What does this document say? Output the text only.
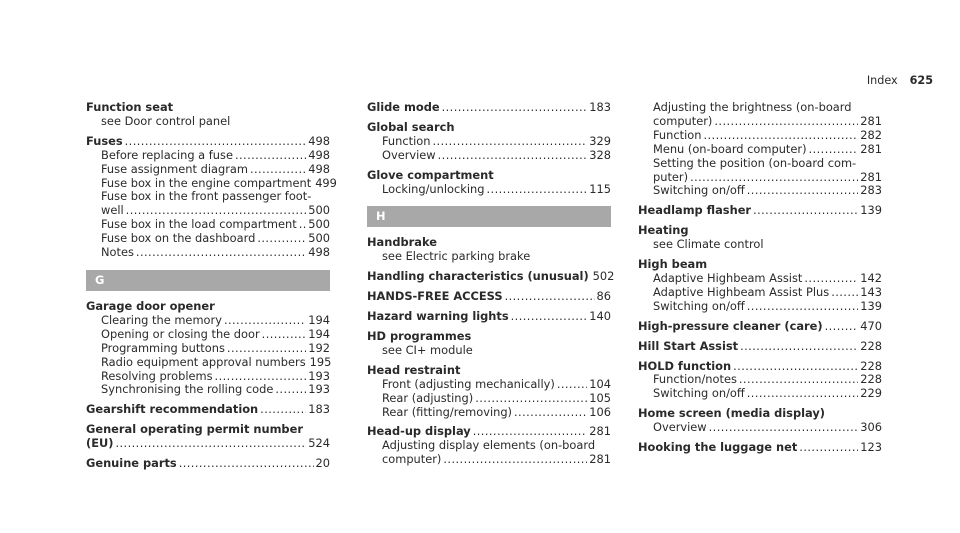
Index 625
Function seat
see Door control panel
Fuses . . .	498
Before replacing a fuse . . .	498
Fuse assignment diagram . . .	498
Fuse box in the engine compartment 499
Fuse box in the front passenger foot-
well . . .	500
Fuse box in the load compartment . . . 500
Fuse box on the dashboard . . .	500
Notes . . .	498
G
Garage door opener
Clearing the memory . . .	194
Opening or closing the door . . .	194
Programming buttons . . .	192
Radio equipment approval numbers 195
Resolving problems . . .	193
Synchronising the rolling code . . .	193
Gearshift recommendation . . .	183
General operating permit number
(EU) . . .	524
Genuine parts . . .	20
Glide mode . . .	183
Global search
Function . . .	329
Overview . . .	328
Glove compartment
Locking/unlocking . . .	115
H
Handbrake
see Electric parking brake
Handling characteristics (unusual) 502
HANDS-FREE ACCESS . . .	86
Hazard warning lights . . .	140
HD programmes
see CI+ module
Head restraint
Front (adjusting mechanically) . . .	104
Rear (adjusting) . . .	105
Rear (fitting/removing) . . .	106
Head-up display . . .	281
Adjusting display elements (on-board
computer) . . .	281
Adjusting the brightness (on-board
computer) . . .	281
Function . . .	282
Menu (on-board computer) . . .	281
Setting the position (on-board com-
puter) . . .	281
Switching on/off . . .	283
Headlamp flasher . . .	139
Heating
see Climate control
High beam
Adaptive Highbeam Assist . . .	142
Adaptive Highbeam Assist Plus . . .	143
Switching on/off . . .	139
High-pressure cleaner (care) . . .	470
Hill Start Assist . . .	228
HOLD function . . .	228
Function/notes . . .	228
Switching on/off . . .	229
Home screen (media display)
Overview . . .	306
Hooking the luggage net . . .	123
